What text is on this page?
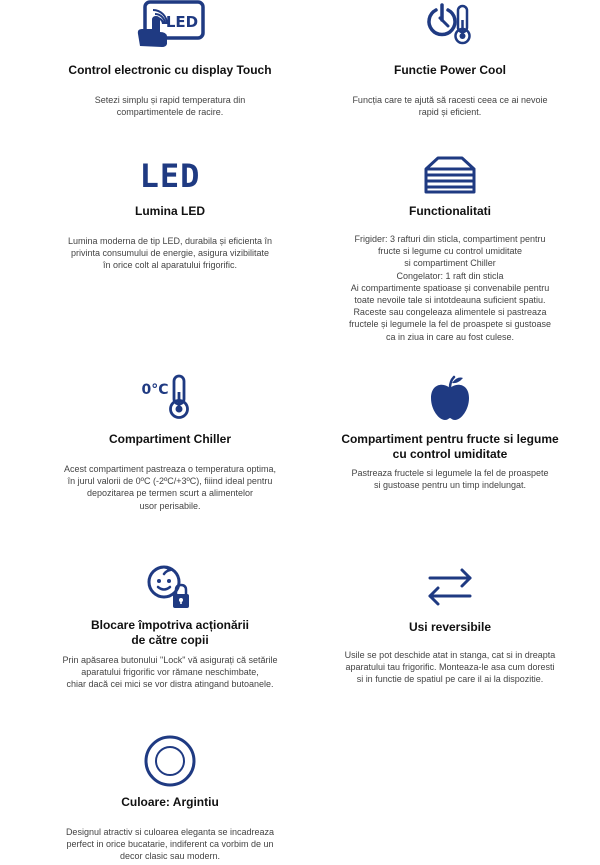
LED
Control electronic cu display Touch
Setezi simplu și rapid temperatura din
compartimentele de racire.
Functie Power Cool
Funcția care te ajută să racesti ceea ce ai nevoie
rapid și eficient.
LED
Lumina LED
Lumina moderna de tip LED, durabila și eficienta în
privinta consumului de energie, asigura vizibilitate
în orice colt al aparatului frigorific.
Functionalitati
Frigider: 3 rafturi din sticla, compartiment pentru
fructe si legume cu control umiditate
si compartiment Chiller
Congelator: 1 raft din sticla
Ai compartimente spatioase și convenabile pentru
toate nevoile tale si intotdeauna suficient spatiu.
Raceste sau congeleaza alimentele si pastreaza
fructele și legumele la fel de proaspete si gustoase
ca in ziua in care au fost culese.
0°C
Compartiment Chiller
Acest compartiment pastreaza o temperatura optima,
în jurul valorii de 0ºC (-2ºC/+3ºC), fiiind ideal pentru
depozitarea pe termen scurt a alimentelor
usor perisabile.
Compartiment pentru fructe si legume
cu control umiditate
Pastreaza fructele si legumele la fel de proaspete
si gustoase pentru un timp indelungat.
Blocare împotriva acționării
de către copii
Prin apăsarea butonului "Lock" vă asigurați că setările
aparatului frigorific vor rămane neschimbate,
chiar dacă cei mici se vor distra atingand butoanele.
Usi reversibile
Usile se pot deschide atat in stanga, cat si in dreapta
aparatului tau frigorific. Monteaza-le asa cum doresti
si in functie de spatiul pe care il ai la dispozitie.
Culoare: Argintiu
Designul atractiv si culoarea eleganta se incadreaza
perfect in orice bucatarie, indiferent ca vorbim de un
decor clasic sau modern.
